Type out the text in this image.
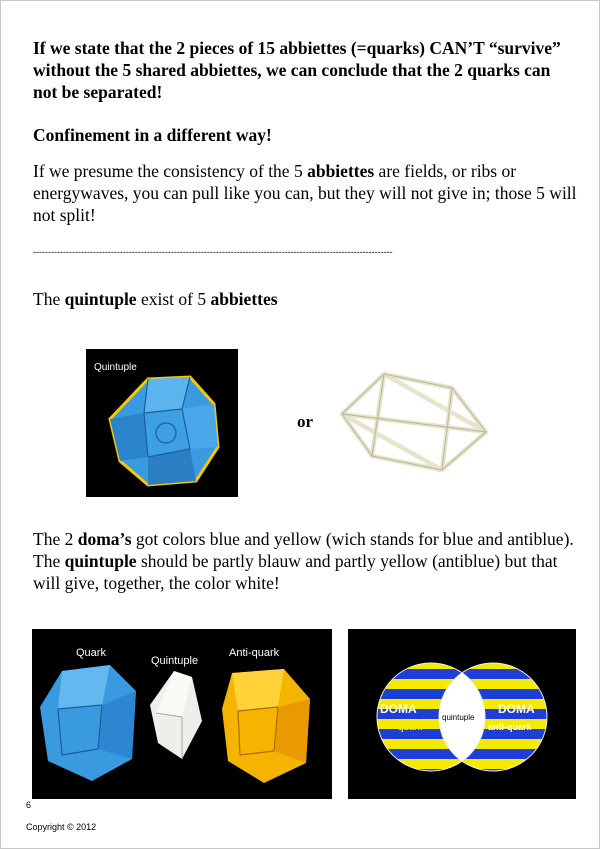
If we state that the 2 pieces of 15 abbiettes (=quarks) CAN’T “survive” without the 5 shared abbiettes, we can conclude that the 2 quarks can not be separated!

Confinement in a different way!

If we presume the consistency of the 5 abbiettes are fields, or ribs or energywaves, you can pull like you can, but they will not give in; those 5 will not split!

------------------------------------------------------------------------------------------------------------------------

The quintuple exist of 5 abbiettes

Quintuple
or

The 2 doma’s got colors blue and yellow (wich stands for blue and antiblue).
The quintuple should be partly blauw and partly yellow (antiblue) but that will give, together, the color white!

Quark
Quintuple
Anti-quark
DOMA
quark
quintuple
DOMA
anti-quark
6
Copyright © 2012
